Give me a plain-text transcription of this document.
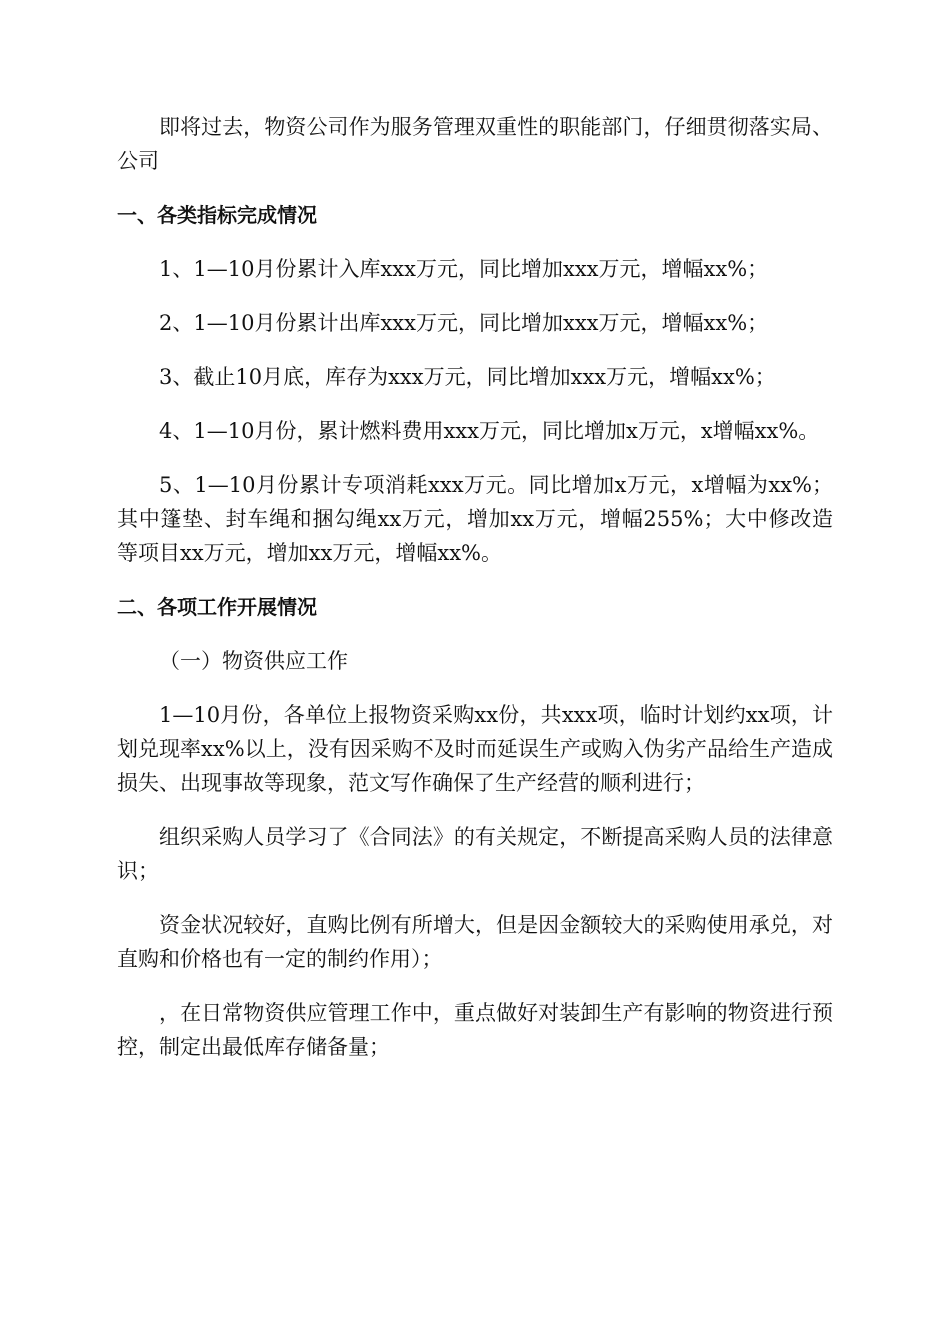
即将过去，物资公司作为服务管理双重性的职能部门，仔细贯彻落实局、公司

一、各类指标完成情况

1、1—10月份累计入库xxx万元，同比增加xxx万元，增幅xx%；

2、1—10月份累计出库xxx万元，同比增加xxx万元，增幅xx%；

3、截止10月底，库存为xxx万元，同比增加xxx万元，增幅xx%；

4、1—10月份，累计燃料费用xxx万元，同比增加x万元，x增幅xx%。

5、1—10月份累计专项消耗xxx万元。同比增加x万元，x增幅为xx%；其中篷垫、封车绳和捆勾绳xx万元，增加xx万元，增幅255%；大中修改造等项目xx万元，增加xx万元，增幅xx%。

二、各项工作开展情况

（一）物资供应工作

1—10月份，各单位上报物资采购xx份，共xxx项，临时计划约xx项，计划兑现率xx%以上，没有因采购不及时而延误生产或购入伪劣产品给生产造成损失、出现事故等现象，范文写作确保了生产经营的顺利进行；

组织采购人员学习了《合同法》的有关规定，不断提高采购人员的法律意识；

资金状况较好，直购比例有所增大，但是因金额较大的采购使用承兑，对直购和价格也有一定的制约作用）；

，在日常物资供应管理工作中，重点做好对装卸生产有影响的物资进行预控，制定出最低库存储备量；
